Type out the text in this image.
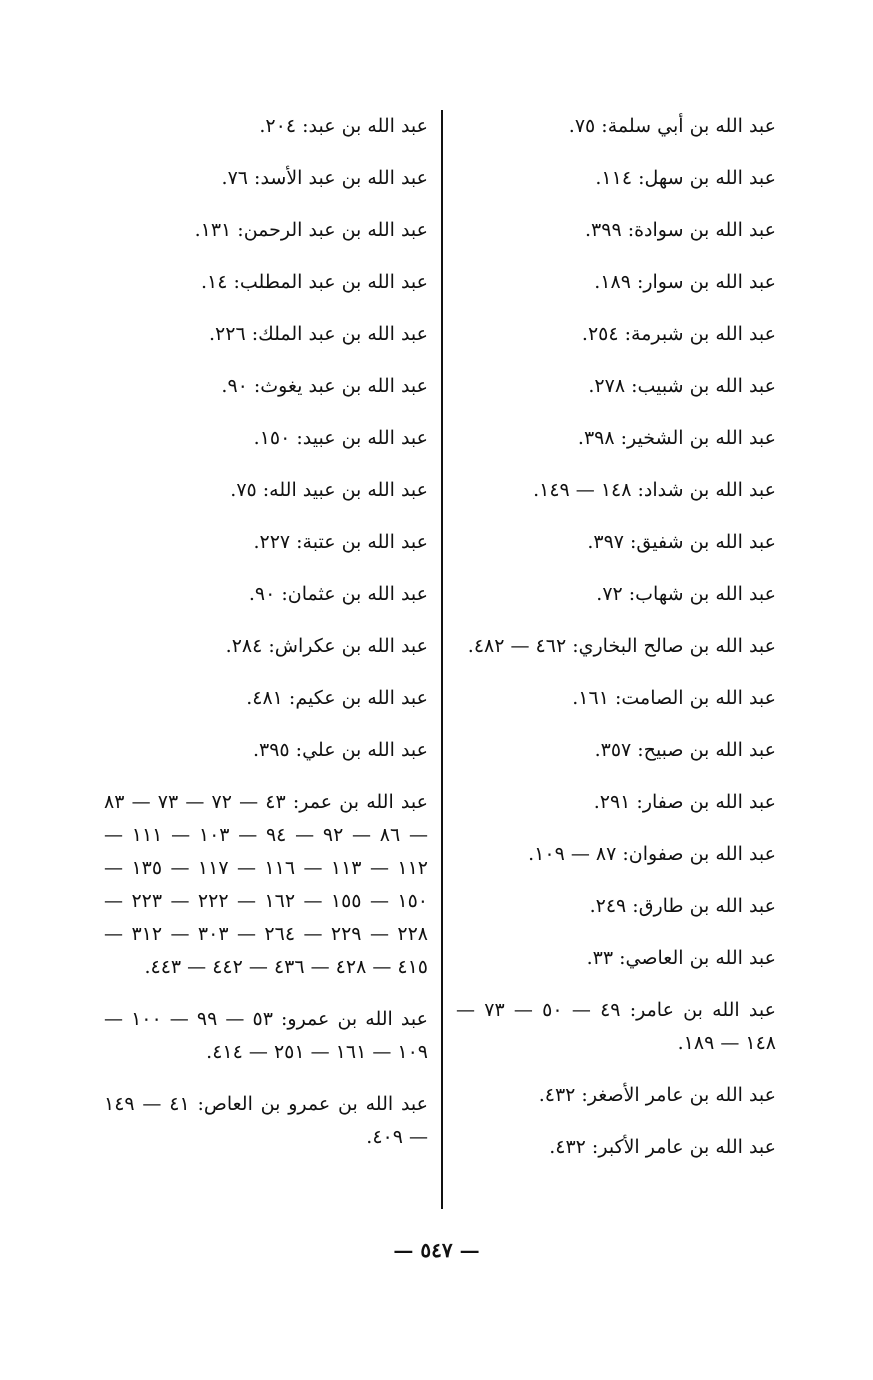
عبد الله بن أبي سلمة: ٧٥.
عبد الله بن سهل: ١١٤.
عبد الله بن سوادة: ٣٩٩.
عبد الله بن سوار: ١٨٩.
عبد الله بن شبرمة: ٢٥٤.
عبد الله بن شبيب: ٢٧٨.
عبد الله بن الشخير: ٣٩٨.
عبد الله بن شداد: ١٤٨ — ١٤٩.
عبد الله بن شفيق: ٣٩٧.
عبد الله بن شهاب: ٧٢.
عبد الله بن صالح البخاري: ٤٦٢ — ٤٨٢.
عبد الله بن الصامت: ١٦١.
عبد الله بن صبيح: ٣٥٧.
عبد الله بن صفار: ٢٩١.
عبد الله بن صفوان: ٨٧ — ١٠٩.
عبد الله بن طارق: ٢٤٩.
عبد الله بن العاصي: ٣٣.
عبد الله بن عامر: ٤٩ — ٥٠ — ٧٣ — ١٤٨ — ١٨٩.
عبد الله بن عامر الأصغر: ٤٣٢.
عبد الله بن عامر الأكبر: ٤٣٢.
عبد الله بن عبد: ٢٠٤.
عبد الله بن عبد الأسد: ٧٦.
عبد الله بن عبد الرحمن: ١٣١.
عبد الله بن عبد المطلب: ١٤.
عبد الله بن عبد الملك: ٢٢٦.
عبد الله بن عبد يغوث: ٩٠.
عبد الله بن عبيد: ١٥٠.
عبد الله بن عبيد الله: ٧٥.
عبد الله بن عتبة: ٢٢٧.
عبد الله بن عثمان: ٩٠.
عبد الله بن عكراش: ٢٨٤.
عبد الله بن عكيم: ٤٨١.
عبد الله بن علي: ٣٩٥.
عبد الله بن عمر: ٤٣ — ٧٢ — ٧٣ — ٨٣ — ٨٦ — ٩٢ — ٩٤ — ١٠٣ — ١١١ — ١١٢ — ١١٣ — ١١٦ — ١١٧ — ١٣٥ — ١٥٠ — ١٥٥ — ١٦٢ — ٢٢٢ — ٢٢٣ — ٢٢٨ — ٢٢٩ — ٢٦٤ — ٣٠٣ — ٣١٢ — ٤١٥ — ٤٢٨ — ٤٣٦ — ٤٤٢ — ٤٤٣.
عبد الله بن عمرو: ٥٣ — ٩٩ — ١٠٠ — ١٠٩ — ١٦١ — ٢٥١ — ٤١٤.
عبد الله بن عمرو بن العاص: ٤١ — ١٤٩ — ٤٠٩.
— ٥٤٧ —
